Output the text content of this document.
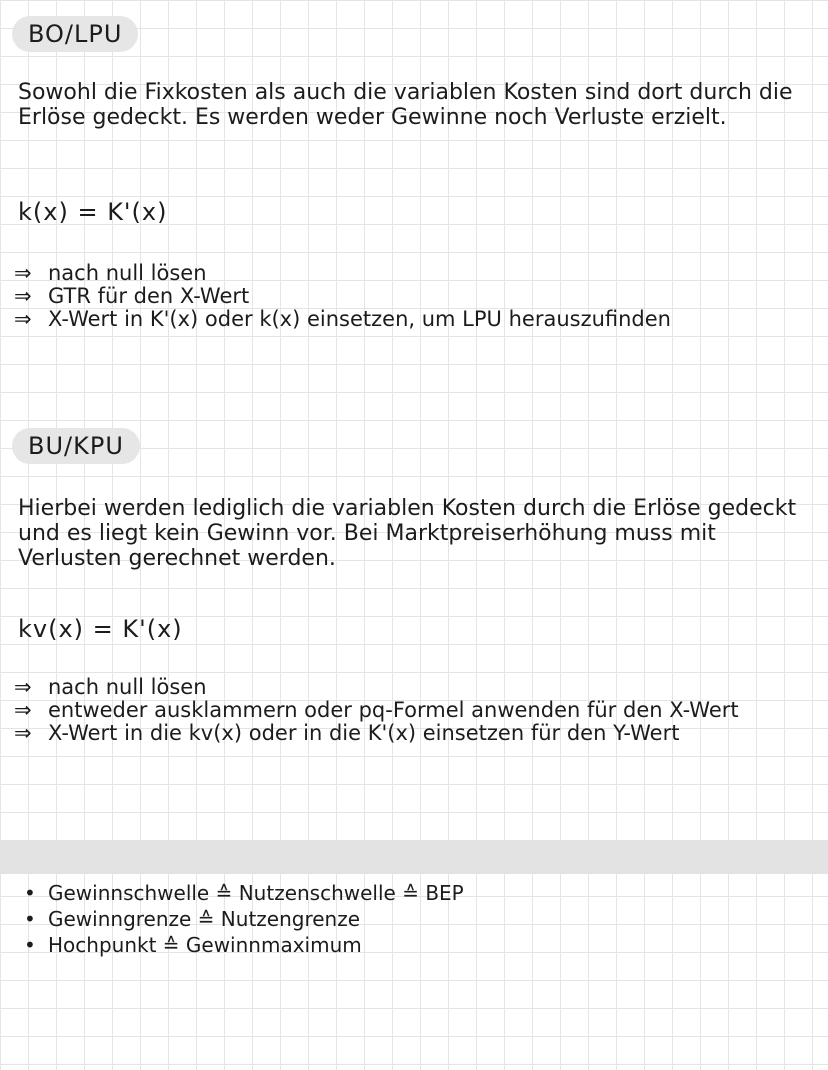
BO/LPU
Sowohl die Fixkosten als auch die variablen Kosten sind dort durch die Erlöse gedeckt. Es werden weder Gewinne noch Verluste erzielt.
k(x) = K'(x)
⇒ nach null lösen
⇒ GTR für den X-Wert
⇒ X-Wert in K'(x) oder k(x) einsetzen, um LPU herauszufinden
BU/KPU
Hierbei werden lediglich die variablen Kosten durch die Erlöse gedeckt und es liegt kein Gewinn vor. Bei Marktpreiserhöhung muss mit Verlusten gerechnet werden.
kv(x) = K'(x)
⇒ nach null lösen
⇒ entweder ausklammern oder pq-Formel anwenden für den X-Wert
⇒ X-Wert in die kv(x) oder in die K'(x) einsetzen für den Y-Wert
• Gewinnschwelle ≙ Nutzenschwelle ≙ BEP
• Gewinngrenze ≙ Nutzengrenze
• Hochpunkt ≙ Gewinnmaximum
